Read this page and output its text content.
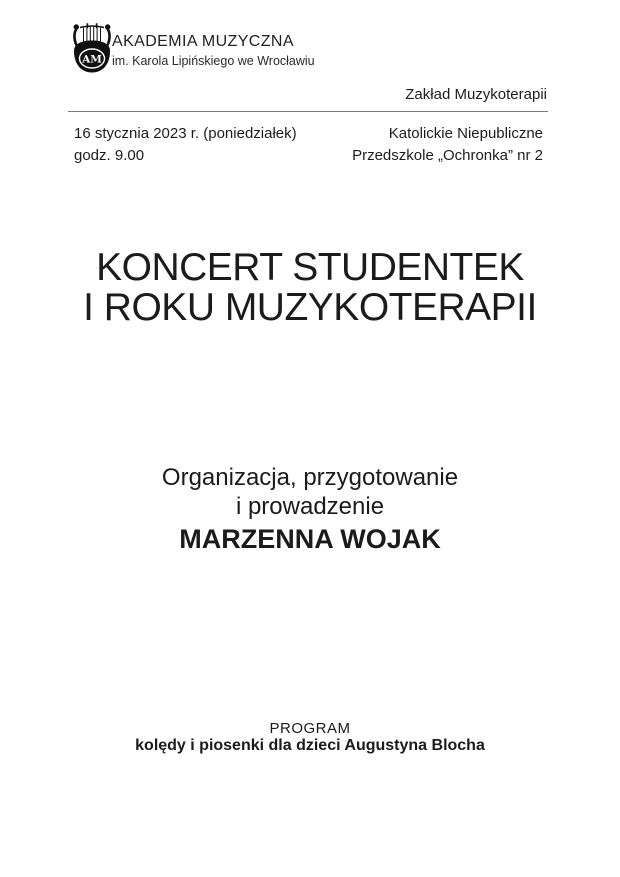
AM
AKADEMIA MUZYCZNA
im. Karola Lipińskiego we Wrocławiu
Zakład Muzykoterapii
16 stycznia 2023 r. (poniedziałek)
godz. 9.00
Katolickie Niepubliczne
Przedszkole „Ochronka” nr 2
KONCERT STUDENTEK
I ROKU MUZYKOTERAPII
Organizacja, przygotowanie
i prowadzenie
MARZENNA WOJAK
PROGRAM
kolędy i piosenki dla dzieci Augustyna Blocha
